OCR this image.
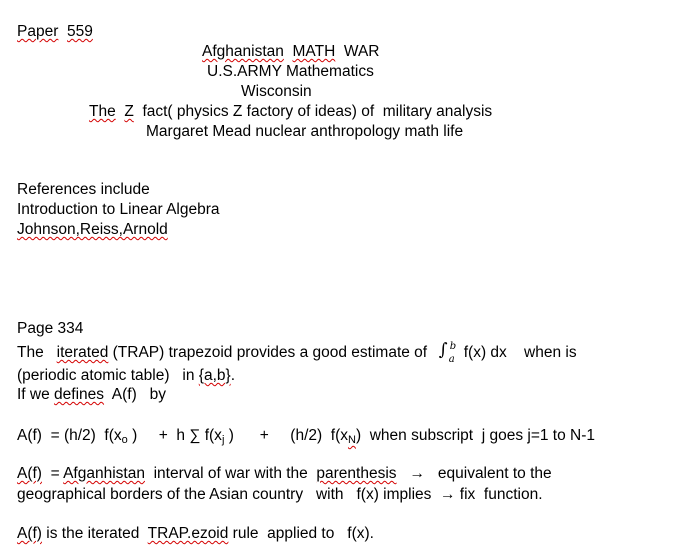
Paper 559
Afghanistan MATH WAR
U.S.ARMY Mathematics
Wisconsin
The Z fact( physics Z factory of ideas) of  military analysis
Margaret Mead nuclear anthropology math life
References include
Introduction to Linear Algebra
Johnson,Reiss,Arnold
Page 334
The iterated (TRAP) trapezoid provides a good estimate of ∫ b
a f(x) dx when is
(periodic atomic table)   in {a,b}.
If we defines  A(f)   by
A(f)  = (h/2)  $f(x_o$ )     +  h ∑ $f(x_j$ )      +     (h/2)  $f(x_N)$  when subscript  j goes j=1 to N-1
A(f)  = Afganhistan  interval of war with the  parenthesis   →   equivalent to the
geographical borders of the Asian country   with   f(x) implies  → fix  function.
A(f) is the iterated  TRAP.ezoid rule  applied to   f(x).
